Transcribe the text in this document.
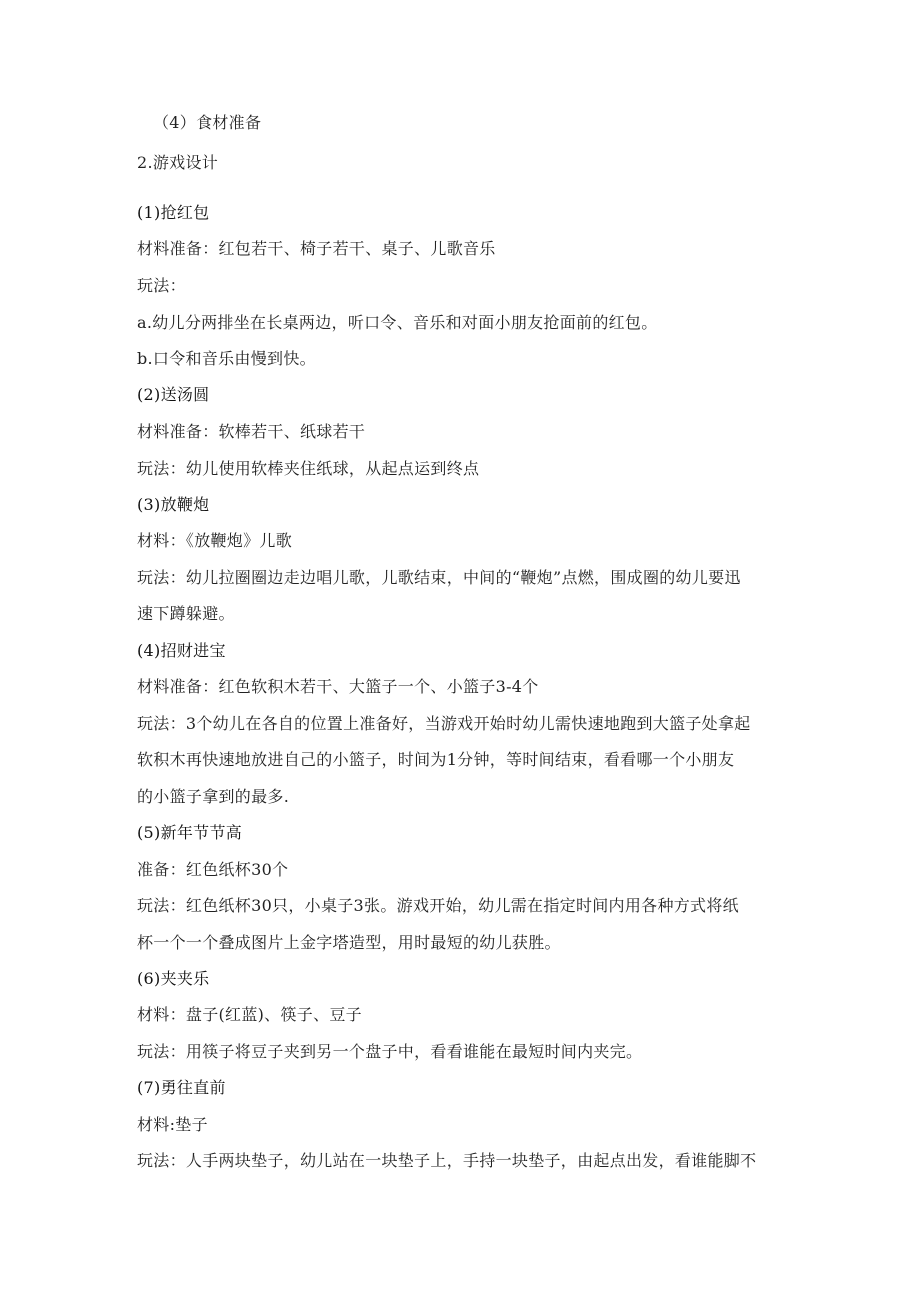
（4）食材准备
2.游戏设计
(1)抢红包
材料准备：红包若干、椅子若干、桌子、儿歌音乐
玩法：
a.幼儿分两排坐在长桌两边，听口令、音乐和对面小朋友抢面前的红包。
b.口令和音乐由慢到快。
(2)送汤圆
材料准备：软棒若干、纸球若干
玩法：幼儿使用软棒夹住纸球，从起点运到终点
(3)放鞭炮
材料：《放鞭炮》儿歌
玩法：幼儿拉圈圈边走边唱儿歌，儿歌结束，中间的“鞭炮”点燃，围成圈的幼儿要迅
速下蹲躲避。
(4)招财进宝
材料准备：红色软积木若干、大篮子一个、小篮子3-4个
玩法：3个幼儿在各自的位置上准备好，当游戏开始时幼儿需快速地跑到大篮子处拿起
软积木再快速地放进自己的小篮子，时间为1分钟，等时间结束，看看哪一个小朋友
的小篮子拿到的最多.
(5)新年节节高
准备：红色纸杯30个
玩法：红色纸杯30只，小桌子3张。游戏开始，幼儿需在指定时间内用各种方式将纸
杯一个一个叠成图片上金字塔造型，用时最短的幼儿获胜。
(6)夹夹乐
材料：盘子(红蓝)、筷子、豆子
玩法：用筷子将豆子夹到另一个盘子中，看看谁能在最短时间内夹完。
(7)勇往直前
材料:垫子
玩法：人手两块垫子，幼儿站在一块垫子上，手持一块垫子，由起点出发，看谁能脚不
